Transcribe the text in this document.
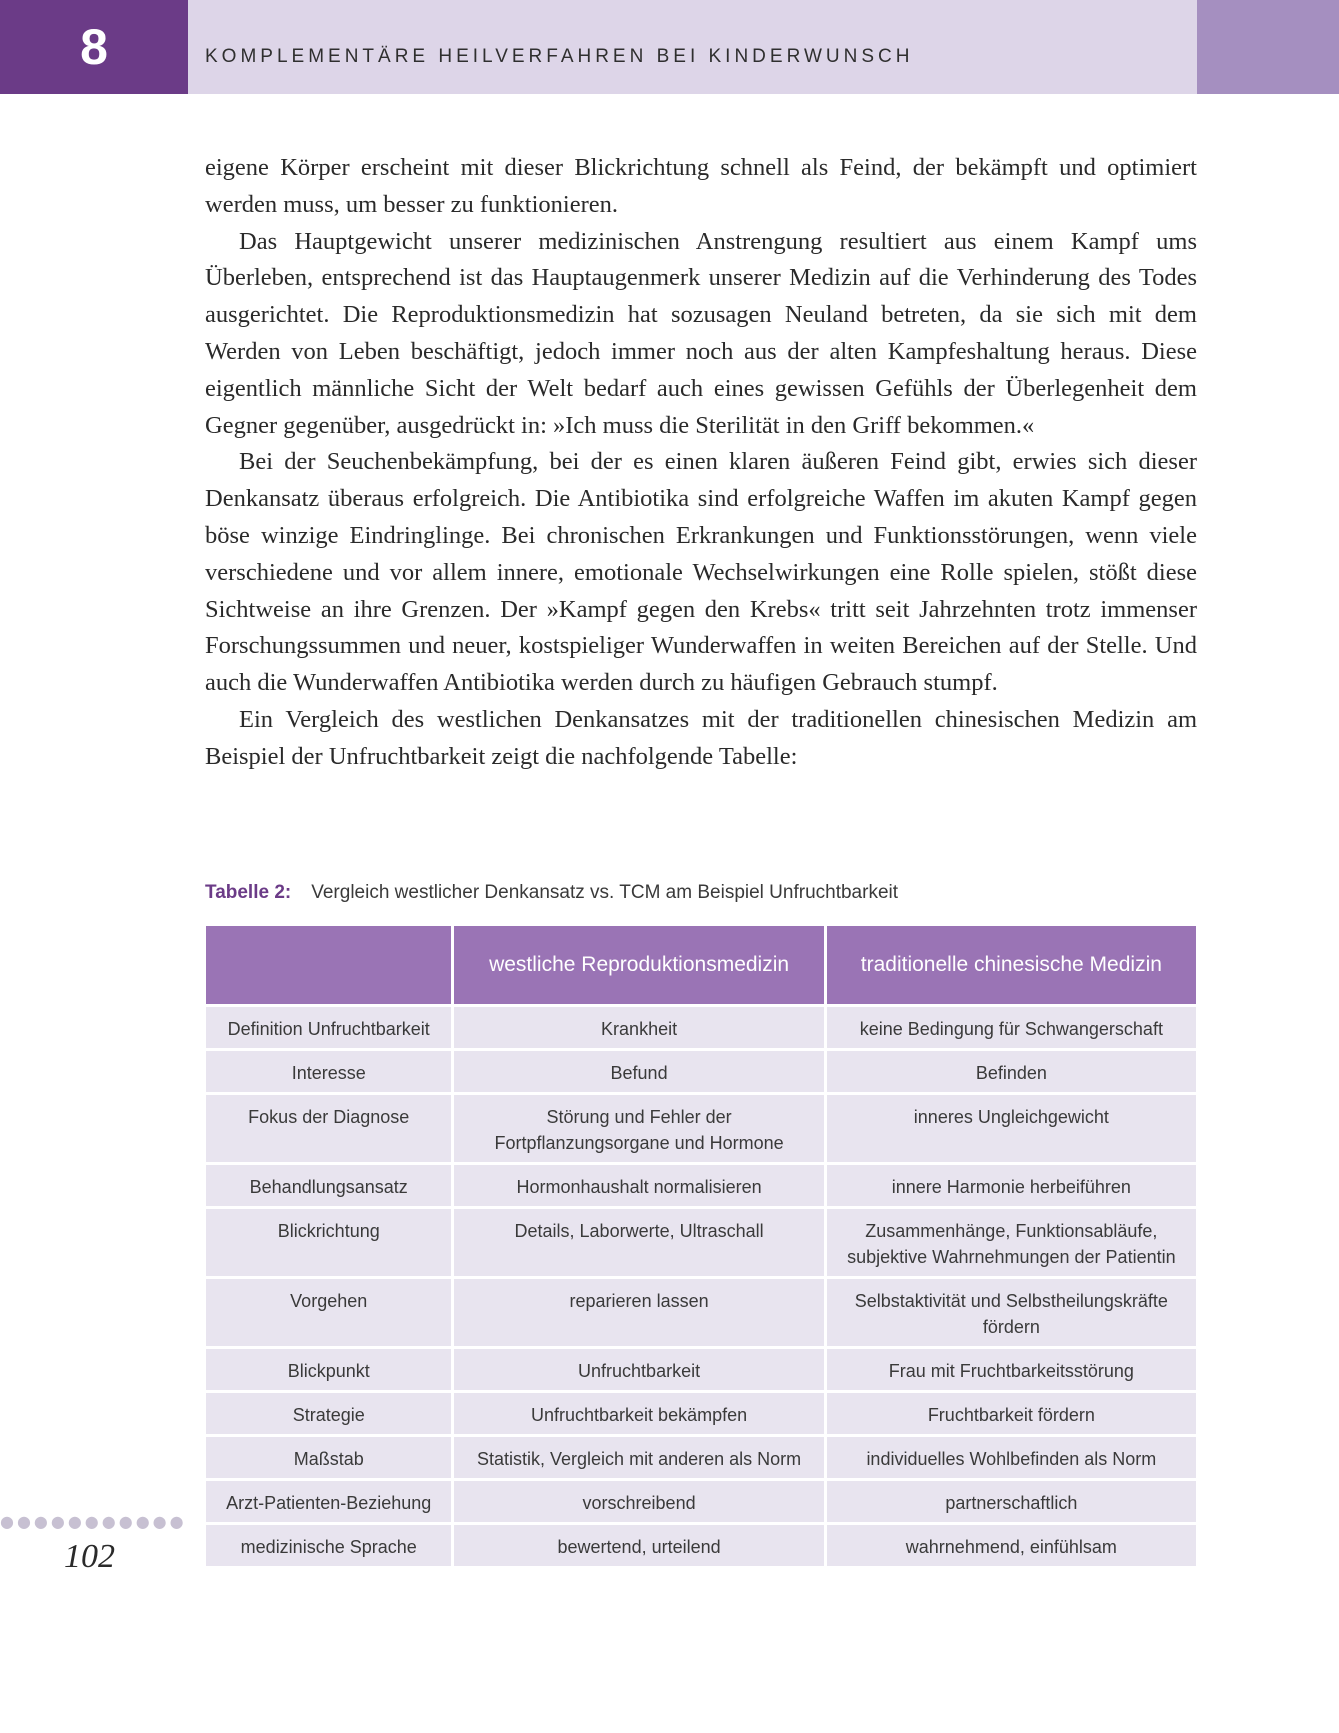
8	KOMPLEMENTÄRE HEILVERFAHREN BEI KINDERWUNSCH

eigene Körper erscheint mit dieser Blickrichtung schnell als Feind, der bekämpft und optimiert werden muss, um besser zu funktionieren.

Das Hauptgewicht unserer medizinischen Anstrengung resultiert aus einem Kampf ums Überleben, entsprechend ist das Hauptaugenmerk unserer Medizin auf die Verhinderung des Todes ausgerichtet. Die Reproduktionsmedizin hat sozusagen Neuland betreten, da sie sich mit dem Werden von Leben beschäftigt, jedoch immer noch aus der alten Kampfeshaltung heraus. Diese eigentlich männliche Sicht der Welt bedarf auch eines gewissen Gefühls der Überlegenheit dem Gegner gegenüber, ausgedrückt in: »Ich muss die Sterilität in den Griff bekommen.«

Bei der Seuchenbekämpfung, bei der es einen klaren äußeren Feind gibt, erwies sich dieser Denkansatz überaus erfolgreich. Die Antibiotika sind erfolgreiche Waffen im akuten Kampf gegen böse winzige Eindringlinge. Bei chronischen Erkrankungen und Funktionsstörungen, wenn viele verschiedene und vor allem innere, emotionale Wechselwirkungen eine Rolle spielen, stößt diese Sichtweise an ihre Grenzen. Der »Kampf gegen den Krebs« tritt seit Jahrzehnten trotz immenser Forschungssummen und neuer, kostspieliger Wunderwaffen in weiten Bereichen auf der Stelle. Und auch die Wunderwaffen Antibiotika werden durch zu häufigen Gebrauch stumpf.

Ein Vergleich des westlichen Denkansatzes mit der traditionellen chinesischen Medizin am Beispiel der Unfruchtbarkeit zeigt die nachfolgende Tabelle:

Tabelle 2: Vergleich westlicher Denkansatz vs. TCM am Beispiel Unfruchtbarkeit
	westliche Reproduktionsmedizin	traditionelle chinesische Medizin
Definition Unfruchtbarkeit	Krankheit	keine Bedingung für Schwangerschaft
Interesse	Befund	Befinden
Fokus der Diagnose	Störung und Fehler der Fortpflanzungsorgane und Hormone	inneres Ungleichgewicht
Behandlungsansatz	Hormonhaushalt normalisieren	innere Harmonie herbeiführen
Blickrichtung	Details, Laborwerte, Ultraschall	Zusammenhänge, Funktionsabläufe, subjektive Wahrnehmungen der Patientin
Vorgehen	reparieren lassen	Selbstaktivität und Selbstheilungskräfte fördern
Blickpunkt	Unfruchtbarkeit	Frau mit Fruchtbarkeitsstörung
Strategie	Unfruchtbarkeit bekämpfen	Fruchtbarkeit fördern
Maßstab	Statistik, Vergleich mit anderen als Norm	individuelles Wohlbefinden als Norm
Arzt-Patienten-Beziehung	vorschreibend	partnerschaftlich
medizinische Sprache	bewertend, urteilend	wahrnehmend, einfühlsam
●●●●●●●●●●●
102
